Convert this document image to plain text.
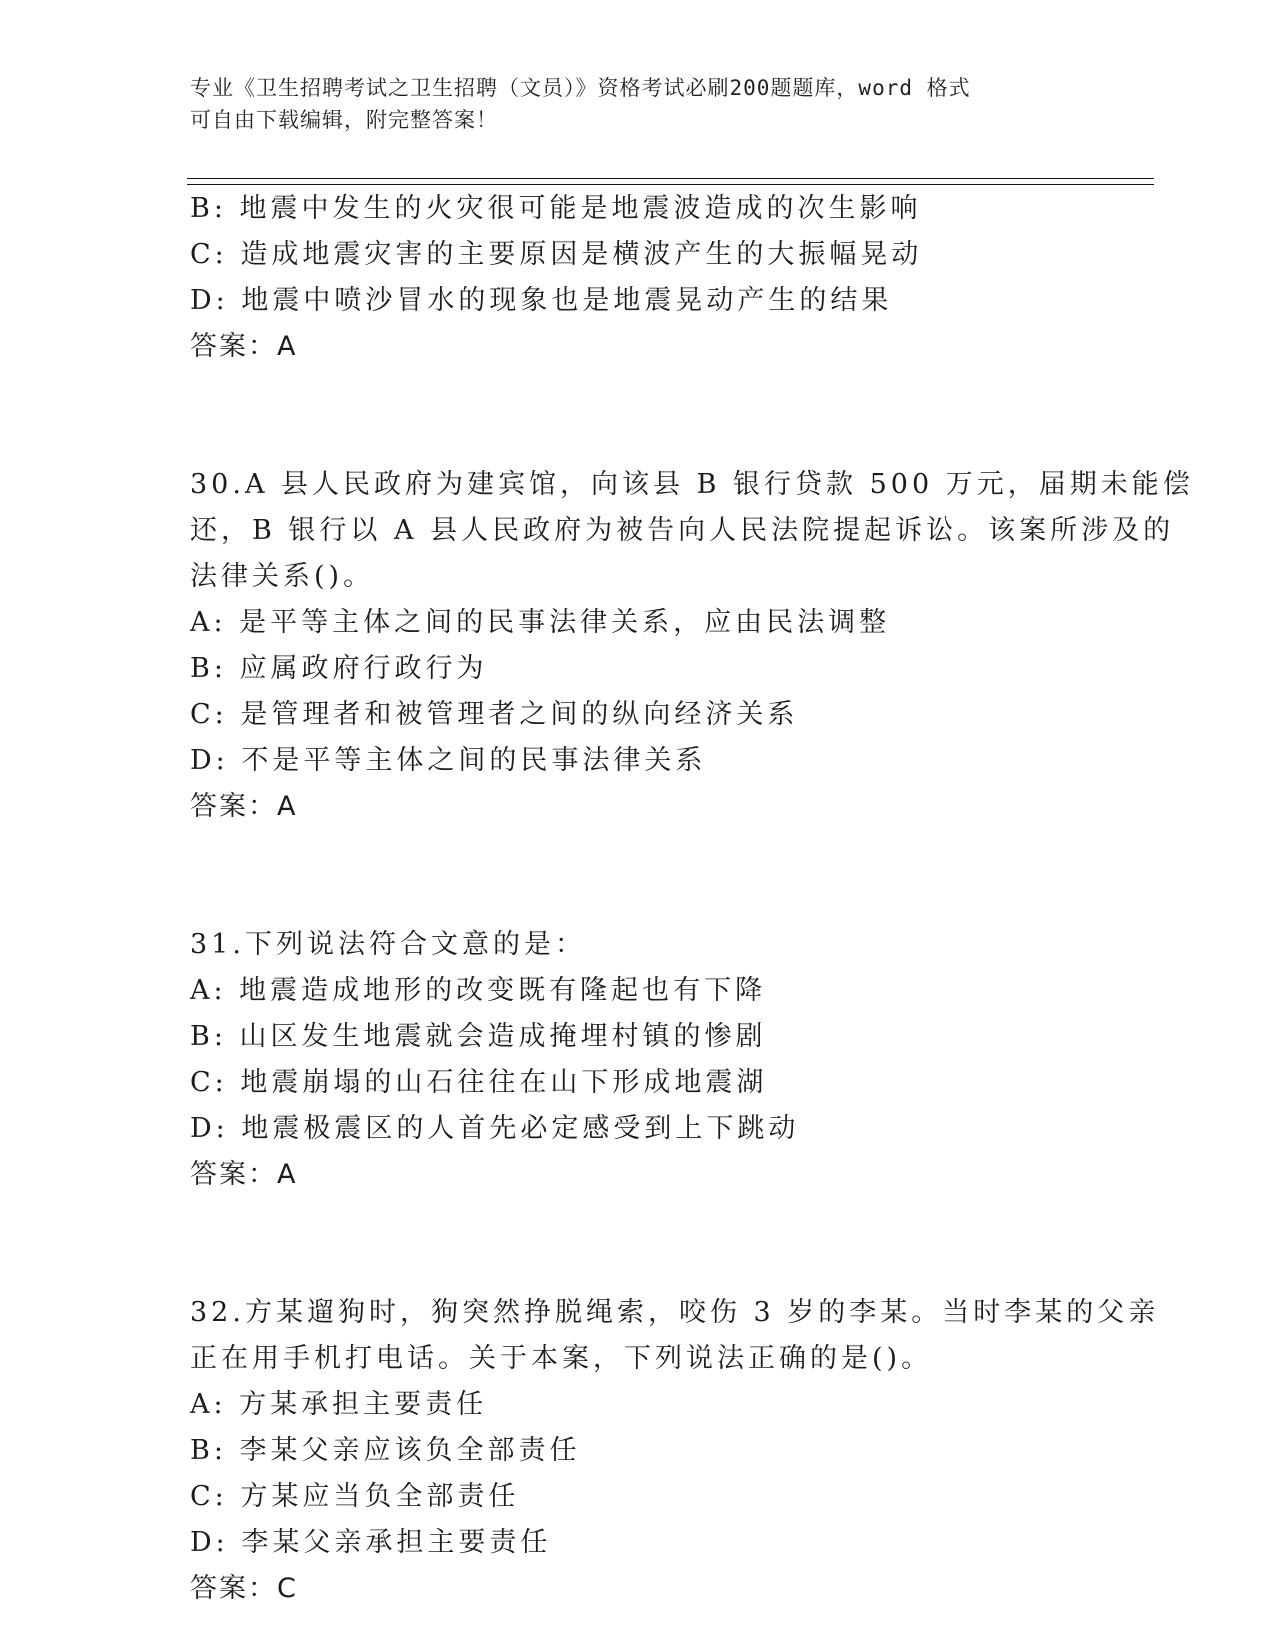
专业《卫生招聘考试之卫生招聘（文员）》资格考试必刷200题题库，word 格式
可自由下载编辑，附完整答案！
B: 地震中发生的火灾很可能是地震波造成的次生影响
C: 造成地震灾害的主要原因是横波产生的大振幅晃动
D: 地震中喷沙冒水的现象也是地震晃动产生的结果
答案：A
30.A 县人民政府为建宾馆，向该县 B 银行贷款 500 万元，届期未能偿
还，B 银行以 A 县人民政府为被告向人民法院提起诉讼。该案所涉及的
法律关系()。
A: 是平等主体之间的民事法律关系，应由民法调整
B: 应属政府行政行为
C: 是管理者和被管理者之间的纵向经济关系
D: 不是平等主体之间的民事法律关系
答案：A
31.下列说法符合文意的是：
A: 地震造成地形的改变既有隆起也有下降
B: 山区发生地震就会造成掩埋村镇的惨剧
C: 地震崩塌的山石往往在山下形成地震湖
D: 地震极震区的人首先必定感受到上下跳动
答案：A
32.方某遛狗时，狗突然挣脱绳索，咬伤 3 岁的李某。当时李某的父亲
正在用手机打电话。关于本案，下列说法正确的是()。
A: 方某承担主要责任
B: 李某父亲应该负全部责任
C: 方某应当负全部责任
D: 李某父亲承担主要责任
答案：C
